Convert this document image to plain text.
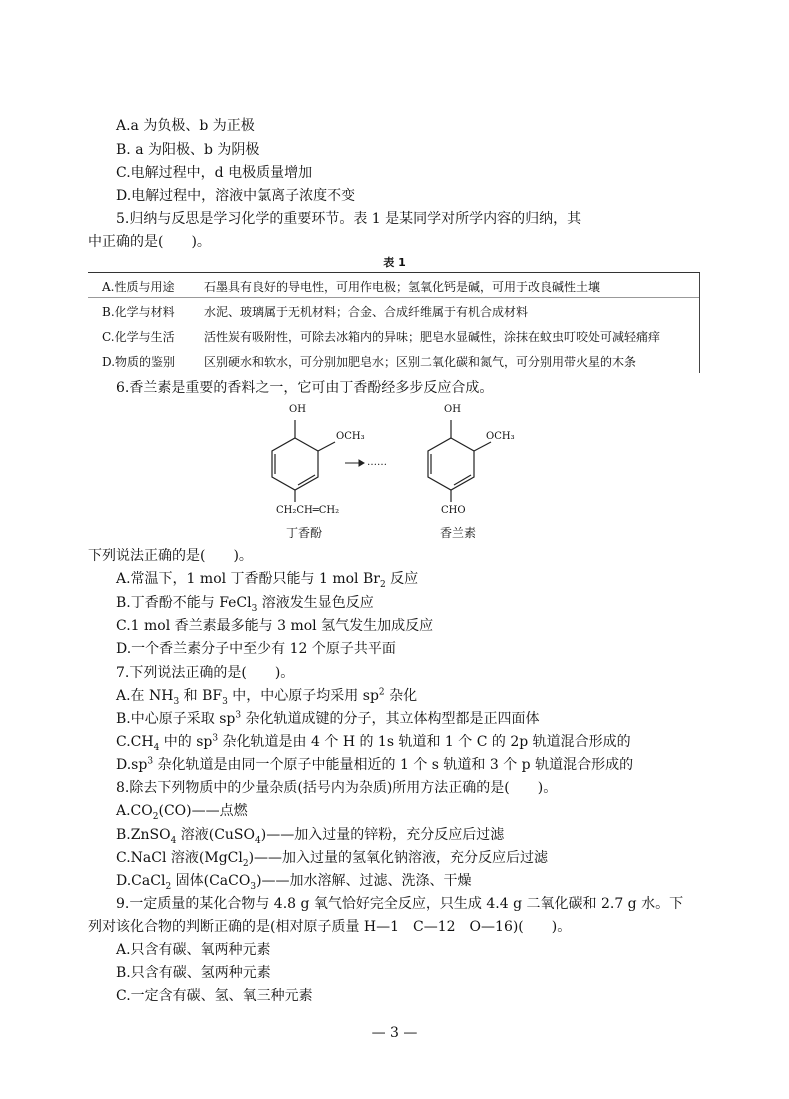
A.a 为负极、b 为正极
B. a 为阳极、b 为阴极
C.电解过程中，d 电极质量增加
D.电解过程中，溶液中氯离子浓度不变
5.归纳与反思是学习化学的重要环节。表 1 是某同学对所学内容的归纳，其
中正确的是(　　)。
表 1
A.性质与用途 石墨具有良好的导电性，可用作电极；氢氧化钙是碱，可用于改良碱性土壤
B.化学与材料 水泥、玻璃属于无机材料；合金、合成纤维属于有机合成材料
C.化学与生活 活性炭有吸附性，可除去冰箱内的异味；肥皂水显碱性，涂抹在蚊虫叮咬处可减轻痛痒
D.物质的鉴别 区别硬水和软水，可分别加肥皂水；区别二氧化碳和氮气，可分别用带火星的木条
6.香兰素是重要的香料之一，它可由丁香酚经多步反应合成。
OH
OCH₃
……
CH₂CH═CH₂
丁香酚
OH
OCH₃
CHO
香兰素
下列说法正确的是(　　)。
A.常温下，1 mol 丁香酚只能与 1 mol $Br_2$ 反应
B.丁香酚不能与 FeCl$_3$ 溶液发生显色反应
C.1 mol 香兰素最多能与 3 mol 氢气发生加成反应
D.一个香兰素分子中至少有 12 个原子共平面
7.下列说法正确的是(　　)。
A.在 $NH_3$ 和 $BF_3$ 中，中心原子均采用 $sp^2$ 杂化
B.中心原子采取 $sp^3$ 杂化轨道成键的分子，其立体构型都是正四面体
$C.CH_4$ 中的 $sp^3$ 杂化轨道是由 4 个 H 的 1s 轨道和 1 个 C 的 2p 轨道混合形成的
$D.sp^3$ 杂化轨道是由同一个原子中能量相近的 1 个 s 轨道和 3 个 p 轨道混合形成的
8.除去下列物质中的少量杂质(括号内为杂质)所用方法正确的是(　　)。
$A.CO_2(CO)——$点燃
B.ZnSO$_4$ 溶液(CuSO$_4$)——加入过量的锌粉，充分反应后过滤
C.NaCl 溶液(MgCl$_2$)——加入过量的氢氧化钠溶液，充分反应后过滤
D.CaCl$_2$ 固体(CaCO$_3$)——加水溶解、过滤、洗涤、干燥
9.一定质量的某化合物与 4.8 g 氧气恰好完全反应，只生成 4.4 g 二氧化碳和 2.7 g 水。下
列对该化合物的判断正确的是(相对原子质量 H—1　C—12　O—16)(　　)。
A.只含有碳、氧两种元素
B.只含有碳、氢两种元素
C.一定含有碳、氢、氧三种元素
— 3 —
